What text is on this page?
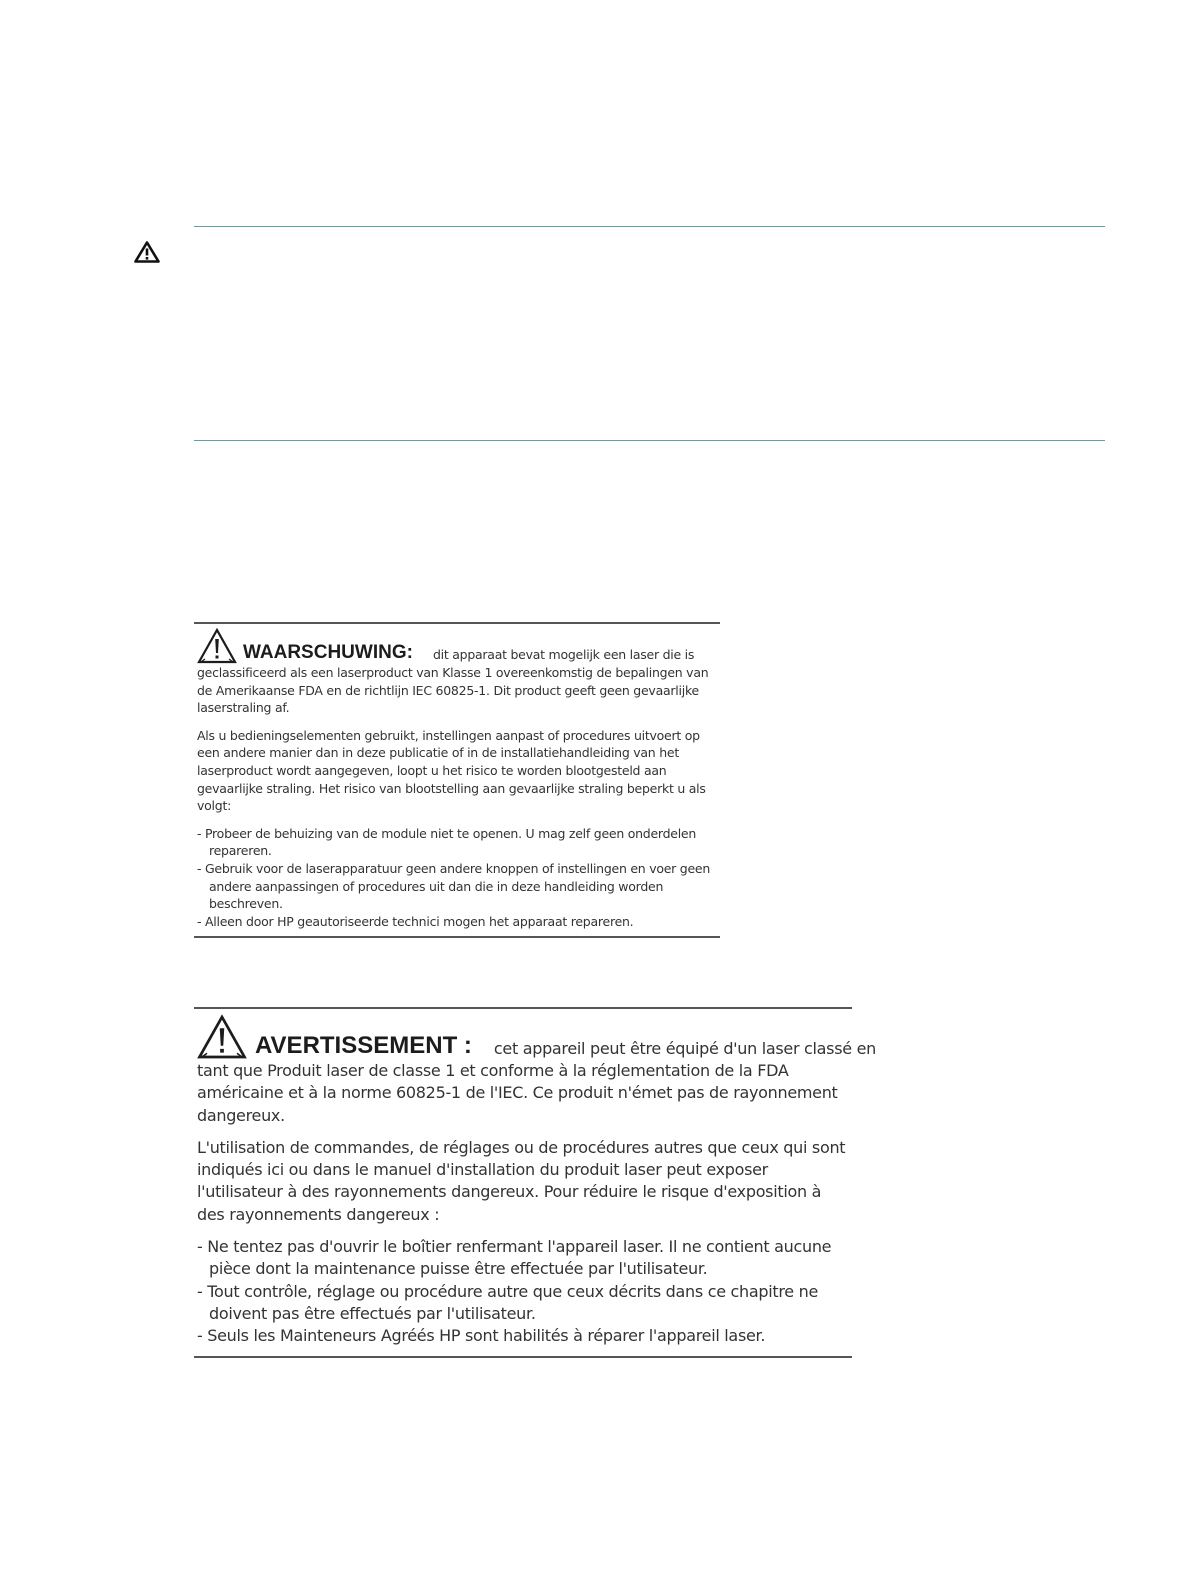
WAARSCHUWING: dit apparaat bevat mogelijk een laser die is

geclassificeerd als een laserproduct van Klasse 1 overeenkomstig de bepalingen van de Amerikaanse FDA en de richtlijn IEC 60825-1. Dit product geeft geen gevaarlijke laserstraling af.

Als u bedieningselementen gebruikt, instellingen aanpast of procedures uitvoert op een andere manier dan in deze publicatie of in de installatiehandleiding van het laserproduct wordt aangegeven, loopt u het risico te worden blootgesteld aan gevaarlijke straling. Het risico van blootstelling aan gevaarlijke straling beperkt u als volgt:

- Probeer de behuizing van de module niet te openen. U mag zelf geen onderdelen repareren.
- Gebruik voor de laserapparatuur geen andere knoppen of instellingen en voer geen andere aanpassingen of procedures uit dan die in deze handleiding worden beschreven.
- Alleen door HP geautoriseerde technici mogen het apparaat repareren.
AVERTISSEMENT : cet appareil peut être équipé d'un laser classé en

tant que Produit laser de classe 1 et conforme à la réglementation de la FDA américaine et à la norme 60825-1 de l'IEC. Ce produit n'émet pas de rayonnement dangereux.

L'utilisation de commandes, de réglages ou de procédures autres que ceux qui sont indiqués ici ou dans le manuel d'installation du produit laser peut exposer l'utilisateur à des rayonnements dangereux. Pour réduire le risque d'exposition à des rayonnements dangereux :

- Ne tentez pas d'ouvrir le boîtier renfermant l'appareil laser. Il ne contient aucune pièce dont la maintenance puisse être effectuée par l'utilisateur.
- Tout contrôle, réglage ou procédure autre que ceux décrits dans ce chapitre ne doivent pas être effectués par l'utilisateur.
- Seuls les Mainteneurs Agréés HP sont habilités à réparer l'appareil laser.
